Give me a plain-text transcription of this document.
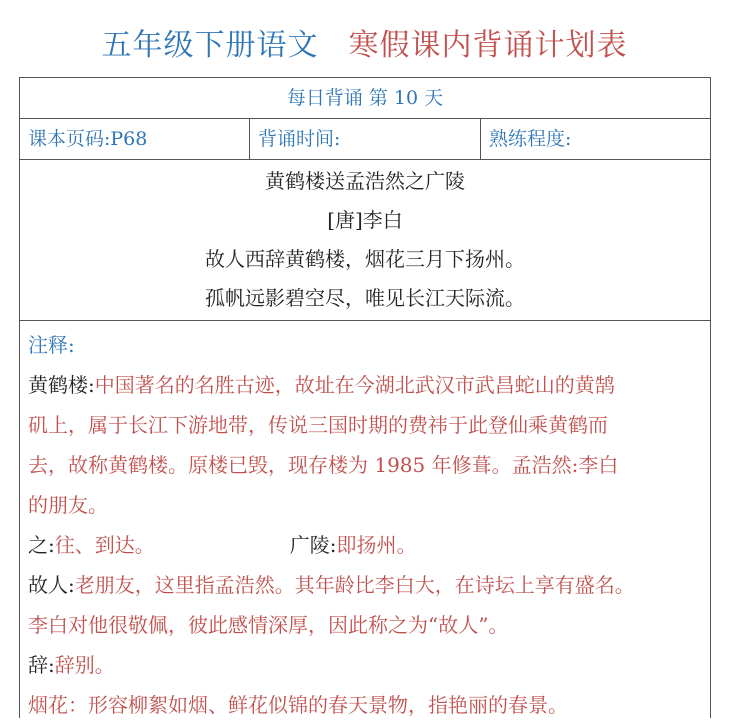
五年级下册语文 寒假课内背诵计划表
每日背诵 第 10 天
课本页码:P68	背诵时间:	熟练程度:
黄鹤楼送孟浩然之广陵
[唐]李白
故人西辞黄鹤楼，烟花三月下扬州。
孤帆远影碧空尽，唯见长江天际流。

注释:

黄鹤楼:中国著名的名胜古迹，故址在今湖北武汉市武昌蛇山的黄鹄

矶上，属于长江下游地带，传说三国时期的费祎于此登仙乘黄鹤而

去，故称黄鹤楼。原楼已毁，现存楼为 1985 年修葺。孟浩然:李白

的朋友。

之:往、到达。	广陵:即扬州。

故人:老朋友，这里指孟浩然。其年龄比李白大，在诗坛上享有盛名。

李白对他很敬佩，彼此感情深厚，因此称之为“故人”。

辞:辞别。

烟花：形容柳絮如烟、鲜花似锦的春天景物，指艳丽的春景。
